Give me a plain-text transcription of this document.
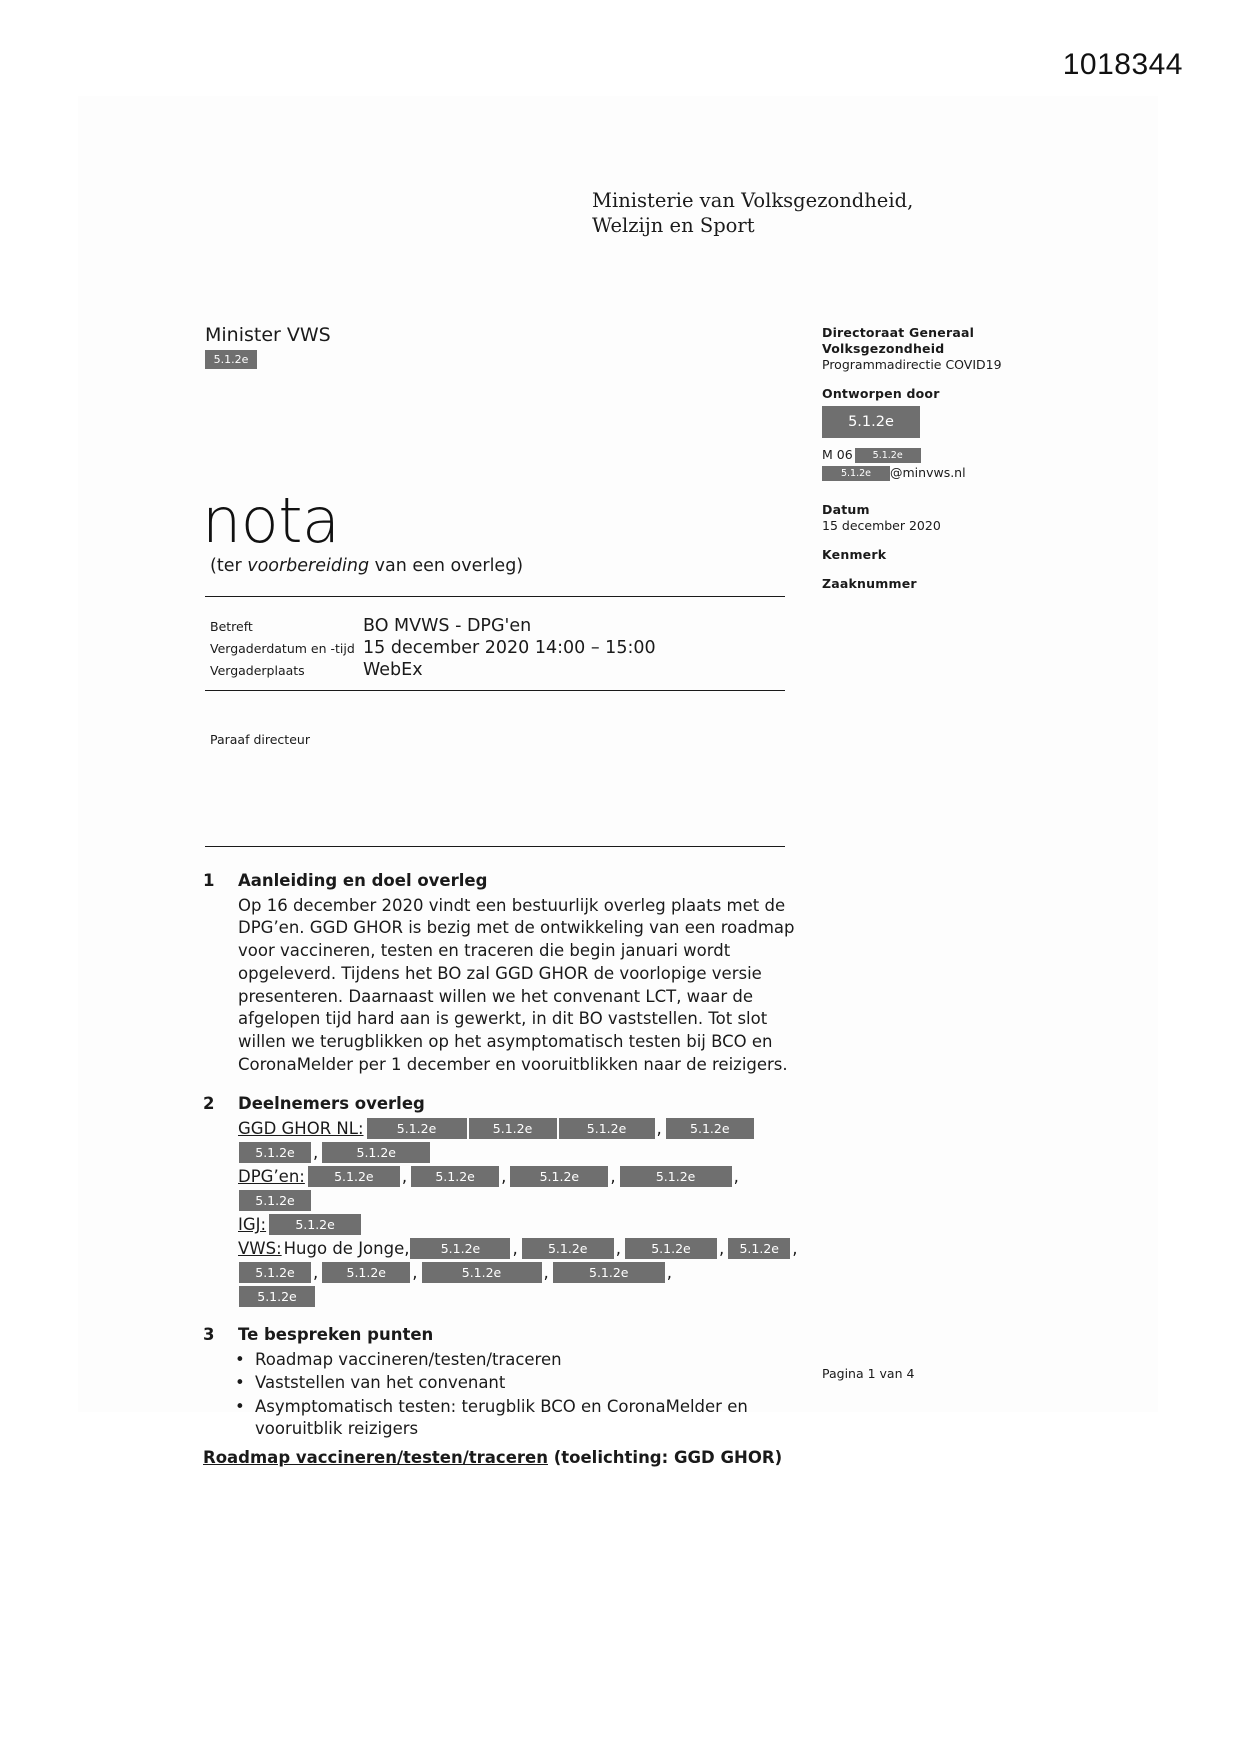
1018344
Ministerie van Volksgezondheid,
Welzijn en Sport
Minister VWS
5.1.2e
Directoraat Generaal
Volksgezondheid
Programmadirectie COVID19
Ontworpen door
5.1.2e
M 06 5.1.2e
5.1.2e @minvws.nl
Datum
15 december 2020
Kenmerk
Zaaknummer
nota
(ter voorbereiding van een overleg)
Betreft	BO MVWS - DPG'en
Vergaderdatum en -tijd 15 december 2020 14:00 – 15:00
Vergaderplaats	WebEx
Paraaf directeur
1	Aanleiding en doel overleg
Op 16 december 2020 vindt een bestuurlijk overleg plaats met de DPG’en. GGD GHOR is bezig met de ontwikkeling van een roadmap voor vaccineren, testen en traceren die begin januari wordt opgeleverd. Tijdens het BO zal GGD GHOR de voorlopige versie presenteren. Daarnaast willen we het convenant LCT, waar de afgelopen tijd hard aan is gewerkt, in dit BO vaststellen. Tot slot willen we terugblikken op het asymptomatisch testen bij BCO en CoronaMelder per 1 december en vooruitblikken naar de reizigers.
2	Deelnemers overleg
GGD GHOR NL:	5.1.2e	5.1.2e	5.1.2e	,	5.1.2e
5.1.2e	,	5.1.2e
DPG’en:	5.1.2e	,	5.1.2e	,	5.1.2e	,	5.1.2e	,
5.1.2e
IGJ:	5.1.2e
VWS: Hugo de Jonge,	5.1.2e	,	5.1.2e	,	5.1.2e	,	5.1.2e ,
5.1.2e	,	5.1.2e	,	5.1.2e	,	5.1.2e	,
5.1.2e
3	Te bespreken punten
• Roadmap vaccineren/testen/traceren
• Vaststellen van het convenant
• Asymptomatisch testen: terugblik BCO en CoronaMelder en vooruitblik reizigers
Roadmap vaccineren/testen/traceren (toelichting: GGD GHOR)
Pagina 1 van 4
